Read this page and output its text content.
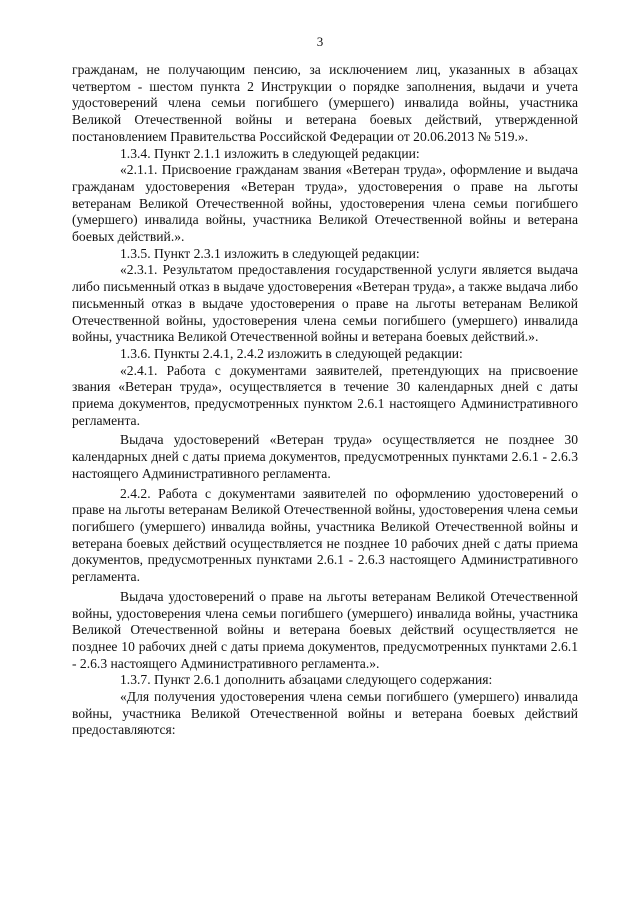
3

гражданам, не получающим пенсию, за исключением лиц, указанных в абзацах четвертом - шестом пункта 2 Инструкции о порядке заполнения, выдачи и учета удостоверений члена семьи погибшего (умершего) инвалида войны, участника Великой Отечественной войны и ветерана боевых действий, утвержденной постановлением Правительства Российской Федерации от 20.06.2013 № 519.».

1.3.4. Пункт 2.1.1 изложить в следующей редакции:

«2.1.1. Присвоение гражданам звания «Ветеран труда», оформление и выдача гражданам удостоверения «Ветеран труда», удостоверения о праве на льготы ветеранам Великой Отечественной войны, удостоверения члена семьи погибшего (умершего) инвалида войны, участника Великой Отечественной войны и ветерана боевых действий.».

1.3.5. Пункт 2.3.1 изложить в следующей редакции:

«2.3.1. Результатом предоставления государственной услуги является выдача либо письменный отказ в выдаче удостоверения «Ветеран труда», а также выдача либо письменный отказ в выдаче удостоверения о праве на льготы ветеранам Великой Отечественной войны, удостоверения члена семьи погибшего (умершего) инвалида войны, участника Великой Отечественной войны и ветерана боевых действий.».

1.3.6. Пункты 2.4.1, 2.4.2 изложить в следующей редакции:

«2.4.1. Работа с документами заявителей, претендующих на присвоение звания «Ветеран труда», осуществляется в течение 30 календарных дней с даты приема документов, предусмотренных пунктом 2.6.1 настоящего Административного регламента.

Выдача удостоверений «Ветеран труда» осуществляется не позднее 30 календарных дней с даты приема документов, предусмотренных пунктами 2.6.1 - 2.6.3 настоящего Административного регламента.

2.4.2. Работа с документами заявителей по оформлению удостоверений о праве на льготы ветеранам Великой Отечественной войны, удостоверения члена семьи погибшего (умершего) инвалида войны, участника Великой Отечественной войны и ветерана боевых действий осуществляется не позднее 10 рабочих дней с даты приема документов, предусмотренных пунктами 2.6.1 - 2.6.3 настоящего Административного регламента.

Выдача удостоверений о праве на льготы ветеранам Великой Отечественной войны, удостоверения члена семьи погибшего (умершего) инвалида войны, участника Великой Отечественной войны и ветерана боевых действий осуществляется не позднее 10 рабочих дней с даты приема документов, предусмотренных пунктами 2.6.1 - 2.6.3 настоящего Административного регламента.».

1.3.7. Пункт 2.6.1 дополнить абзацами следующего содержания:

«Для получения удостоверения члена семьи погибшего (умершего) инвалида войны, участника Великой Отечественной войны и ветерана боевых действий предоставляются:
